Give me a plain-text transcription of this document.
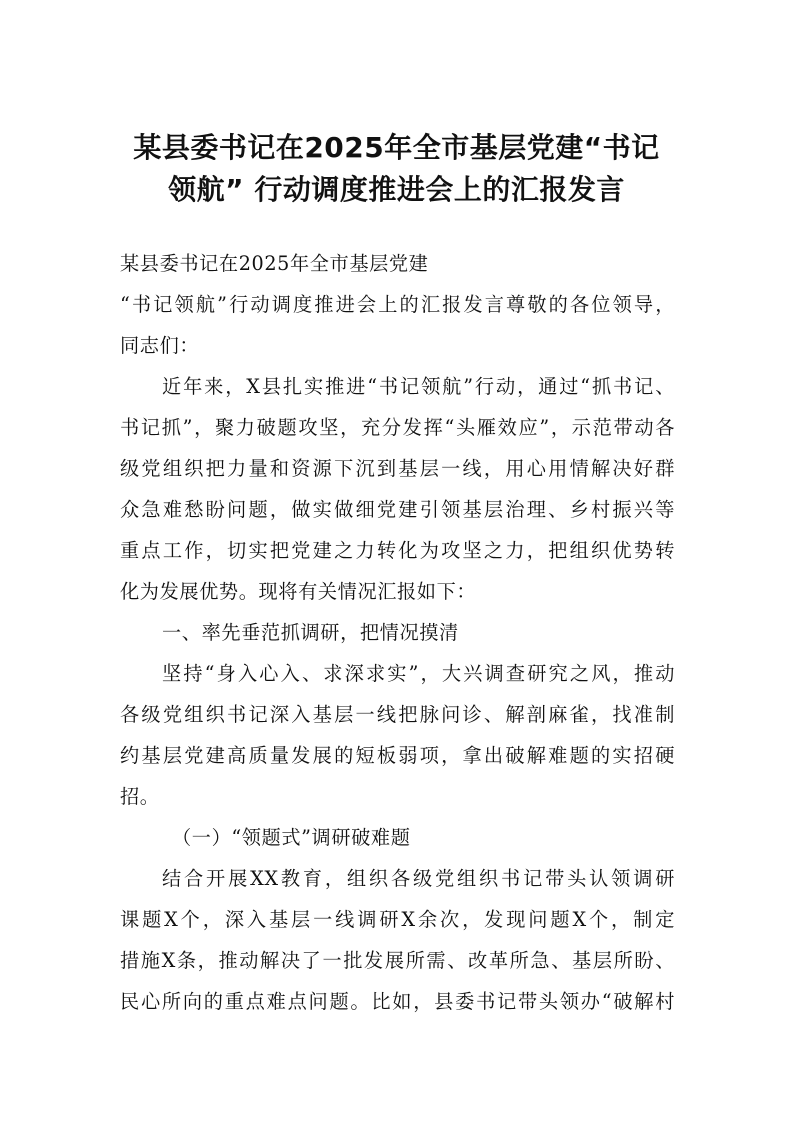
某县委书记在2025年全市基层党建“书记
领航” 行动调度推进会上的汇报发言
某县委书记在2025年全市基层党建
“书记领航”行动调度推进会上的汇报发言尊敬的各位领导，
同志们：
近年来，X县扎实推进“书记领航”行动，通过“抓书记、
书记抓”，聚力破题攻坚，充分发挥“头雁效应”，示范带动各
级党组织把力量和资源下沉到基层一线，用心用情解决好群
众急难愁盼问题，做实做细党建引领基层治理、乡村振兴等
重点工作，切实把党建之力转化为攻坚之力，把组织优势转
化为发展优势。现将有关情况汇报如下：
一、率先垂范抓调研，把情况摸清
坚持“身入心入、求深求实”，大兴调查研究之风，推动
各级党组织书记深入基层一线把脉问诊、解剖麻雀，找准制
约基层党建高质量发展的短板弱项，拿出破解难题的实招硬
招。
（一）“领题式”调研破难题
结合开展XX教育，组织各级党组织书记带头认领调研
课题X个，深入基层一线调研X余次，发现问题X个，制定
措施X条，推动解决了一批发展所需、改革所急、基层所盼、
民心所向的重点难点问题。比如，县委书记带头领办“破解村
